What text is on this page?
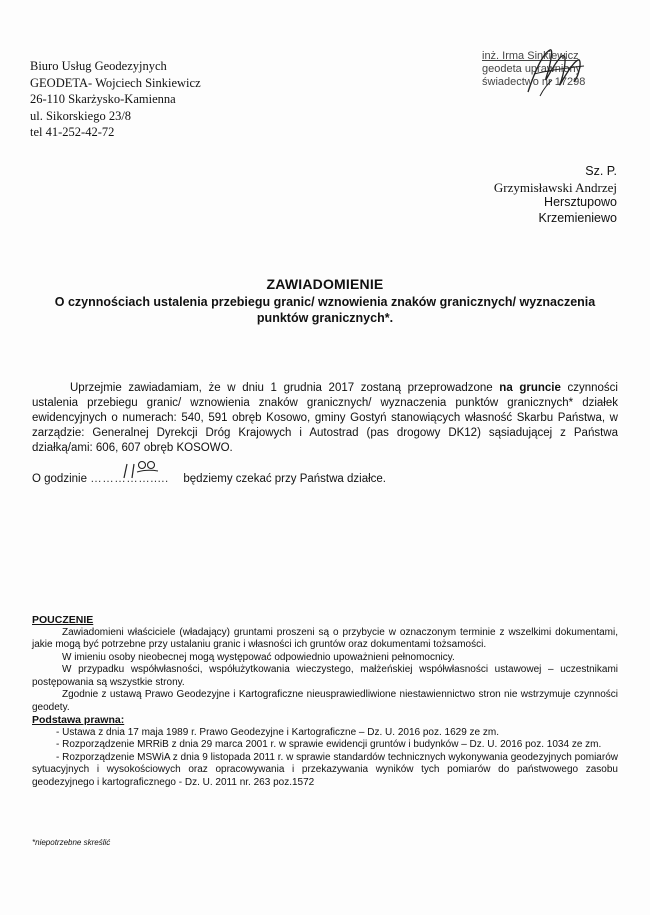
Biuro Usług Geodezyjnych
GEODETA- Wojciech Sinkiewicz
26-110 Skarżysko-Kamienna
ul. Sikorskiego 23/8
tel 41-252-42-72
inż. Irma Sinkiewicz
geodeta uprawniony
świadectwo nr 17298
Sz. P.
Grzymisławski Andrzej
Hersztupowo
Krzemieniewo
ZAWIADOMIENIE
O czynnościach ustalenia przebiegu granic/ wznowienia znaków granicznych/ wyznaczenia punktów granicznych*.
Uprzejmie zawiadamiam, że w dniu 1 grudnia 2017 zostaną przeprowadzone na gruncie czynności ustalenia przebiegu granic/ wznowienia znaków granicznych/ wyznaczenia punktów granicznych* działek ewidencyjnych o numerach: 540, 591 obręb Kosowo, gminy Gostyń stanowiących własność Skarbu Państwa, w zarządzie: Generalnej Dyrekcji Dróg Krajowych i Autostrad (pas drogowy DK12) sąsiadującej z Państwa działką/ami: 606, 607 obręb KOSOWO.
O godzinie ……………..... będziemy czekać przy Państwa działce.
POUCZENIE
Zawiadomieni właściciele (władający) gruntami proszeni są o przybycie w oznaczonym terminie z wszelkimi dokumentami, jakie mogą być potrzebne przy ustalaniu granic i własności ich gruntów oraz dokumentami tożsamości.
W imieniu osoby nieobecnej mogą występować odpowiednio upoważnieni pełnomocnicy.
W przypadku współwłasności, współużytkowania wieczystego, małżeńskiej współwłasności ustawowej – uczestnikami postępowania są wszystkie strony.
Zgodnie z ustawą Prawo Geodezyjne i Kartograficzne nieusprawiedliwione niestawiennictwo stron nie wstrzymuje czynności geodety.
Podstawa prawna:
- Ustawa z dnia 17 maja 1989 r. Prawo Geodezyjne i Kartograficzne – Dz. U. 2016 poz. 1629 ze zm.
- Rozporządzenie MRRiB z dnia 29 marca 2001 r. w sprawie ewidencji gruntów i budynków – Dz. U. 2016 poz. 1034 ze zm.
- Rozporządzenie MSWiA z dnia 9 listopada 2011 r. w sprawie standardów technicznych wykonywania geodezyjnych pomiarów sytuacyjnych i wysokościowych oraz opracowywania i przekazywania wyników tych pomiarów do państwowego zasobu geodezyjnego i kartograficznego - Dz. U. 2011 nr. 263 poz.1572
*niepotrzebne skreślić
